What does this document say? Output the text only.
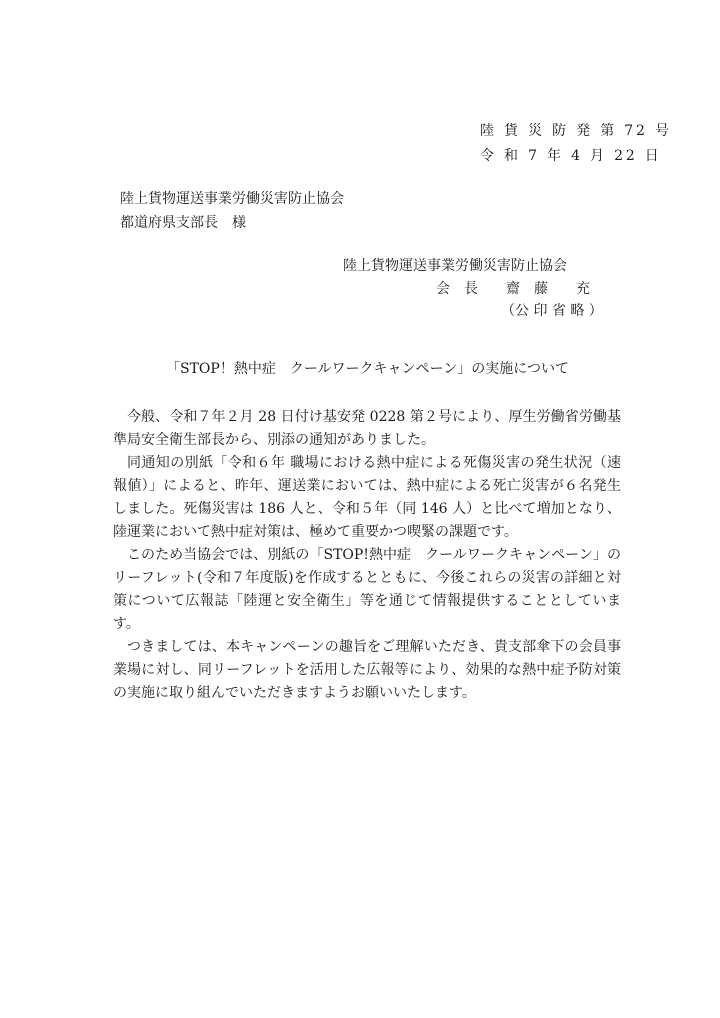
陸 貨 災 防 発 第 72 号
令 和 7 年 4 月 22 日
陸上貨物運送事業労働災害防止協会
都道府県支部長　様
陸上貨物運送事業労働災害防止協会
会　長　　齋　藤　　充
（公 印 省 略 ）
「STOP！熱中症　クールワークキャンペーン」の実施について

今般、令和７年２月 28 日付け基安発 0228 第２号により、厚生労働省労働基準局安全衛生部長から、別添の通知がありました。

同通知の別紙「令和６年 職場における熱中症による死傷災害の発生状況（速報値）」によると、昨年、運送業においては、熱中症による死亡災害が６名発生しました。死傷災害は 186 人と、令和５年（同 146 人）と比べて増加となり、陸運業において熱中症対策は、極めて重要かつ喫緊の課題です。

このため当協会では、別紙の「STOP!熱中症　クールワークキャンペーン」のリーフレット(令和７年度版)を作成するとともに、今後これらの災害の詳細と対策について広報誌「陸運と安全衛生」等を通じて情報提供することとしています。

つきましては、本キャンペーンの趣旨をご理解いただき、貴支部傘下の会員事業場に対し、同リーフレットを活用した広報等により、効果的な熱中症予防対策の実施に取り組んでいただきますようお願いいたします。
